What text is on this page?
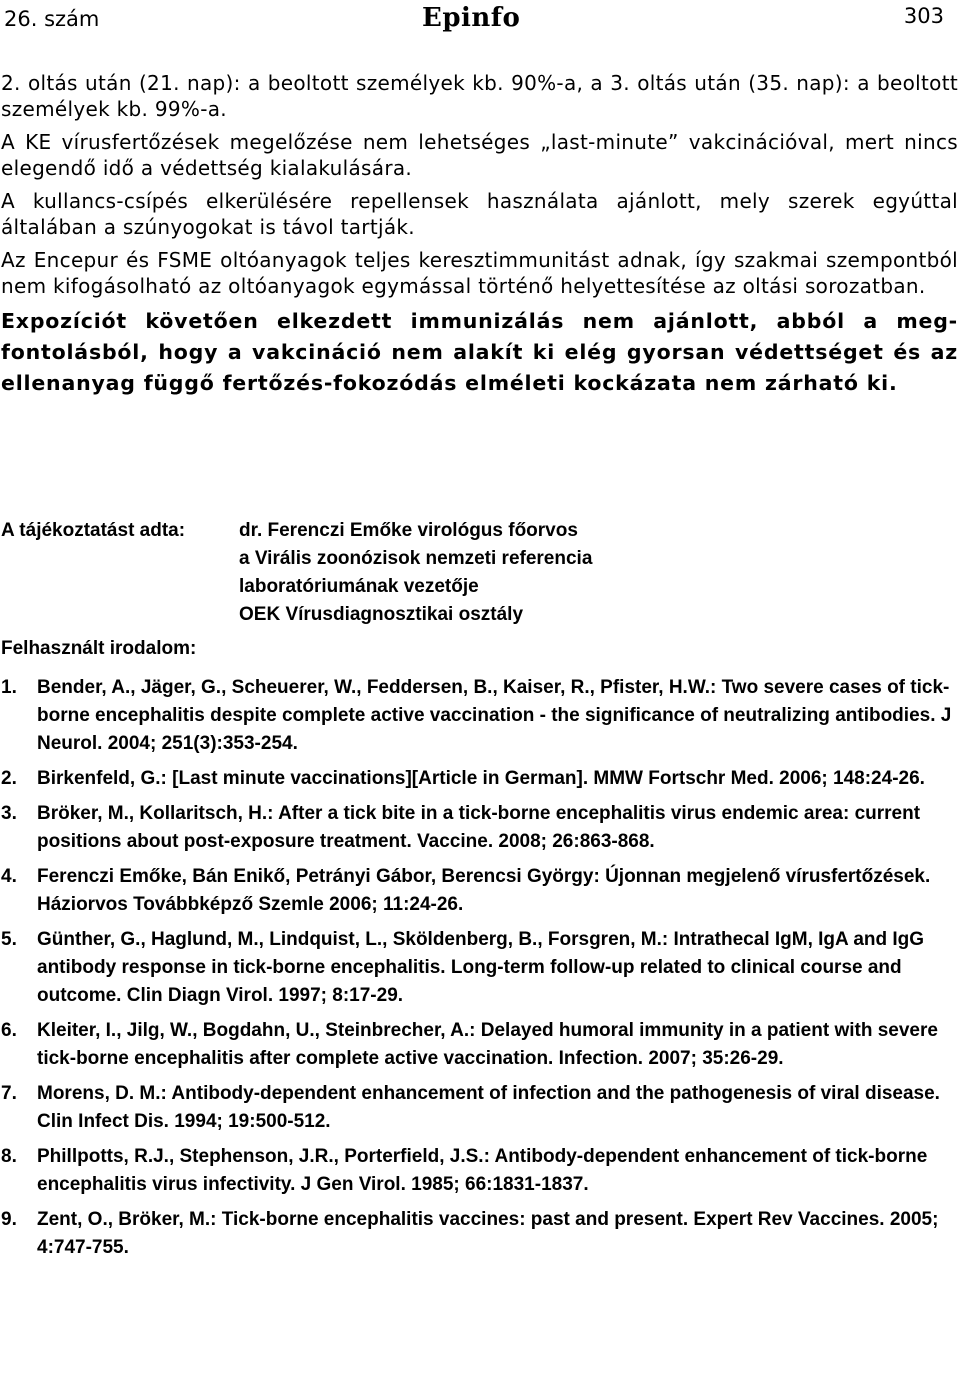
26. szám	Epinfo	303

2. oltás után (21. nap): a beoltott személyek kb. 90%-a, a 3. oltás után (35. nap): a beoltott személyek kb. 99%-a.

A KE vírusfertőzések megelőzése nem lehetséges „last-minute” vakcinációval, mert nincs elegendő idő a védettség kialakulására.

A kullancs-csípés elkerülésére repellensek használata ajánlott, mely szerek egyúttal általában a szúnyogokat is távol tartják.

Az Encepur és FSME oltóanyagok teljes keresztimmunitást adnak, így szakmai szempontból nem kifogásolható az oltóanyagok egymással történő helyettesítése az oltási sorozatban.

Expozíciót követően elkezdett immunizálás nem ajánlott, abból a meg-fontolásból, hogy a vakcináció nem alakít ki elég gyorsan védettséget és az ellenanyag függő fertőzés-fokozódás elméleti kockázata nem zárható ki.

A tájékoztatást adta:	dr. Ferenczi Emőke virológus főorvos
a Virális zoonózisok nemzeti referencia
laboratóriumának vezetője
OEK Vírusdiagnosztikai osztály
Felhasznált irodalom:
1.	Bender, A., Jäger, G., Scheuerer, W., Feddersen, B., Kaiser, R., Pfister, H.W.: Two severe cases of tick-borne encephalitis despite complete active vaccination - the significance of neutralizing antibodies. J Neurol. 2004; 251(3):353-254.
2.	Birkenfeld, G.: [Last minute vaccinations][Article in German]. MMW Fortschr Med. 2006; 148:24-26.
3.	Bröker, M., Kollaritsch, H.: After a tick bite in a tick-borne encephalitis virus endemic area: current positions about post-exposure treatment. Vaccine. 2008; 26:863-868.
4.	Ferenczi Emőke, Bán Enikő, Petrányi Gábor, Berencsi György: Újonnan megjelenő vírusfertőzések. Háziorvos Továbbképző Szemle 2006; 11:24-26.
5.	Günther, G., Haglund, M., Lindquist, L., Sköldenberg, B., Forsgren, M.: Intrathecal IgM, IgA and IgG antibody response in tick-borne encephalitis. Long-term follow-up related to clinical course and outcome. Clin Diagn Virol. 1997; 8:17-29.
6.	Kleiter, I., Jilg, W., Bogdahn, U., Steinbrecher, A.: Delayed humoral immunity in a patient with severe tick-borne encephalitis after complete active vaccination. Infection. 2007; 35:26-29.
7.	Morens, D. M.: Antibody-dependent enhancement of infection and the pathogenesis of viral disease. Clin Infect Dis. 1994; 19:500-512.
8.	Phillpotts, R.J., Stephenson, J.R., Porterfield, J.S.: Antibody-dependent enhancement of tick-borne encephalitis virus infectivity. J Gen Virol. 1985; 66:1831-1837.
9.	Zent, O., Bröker, M.: Tick-borne encephalitis vaccines: past and present. Expert Rev Vaccines. 2005; 4:747-755.
